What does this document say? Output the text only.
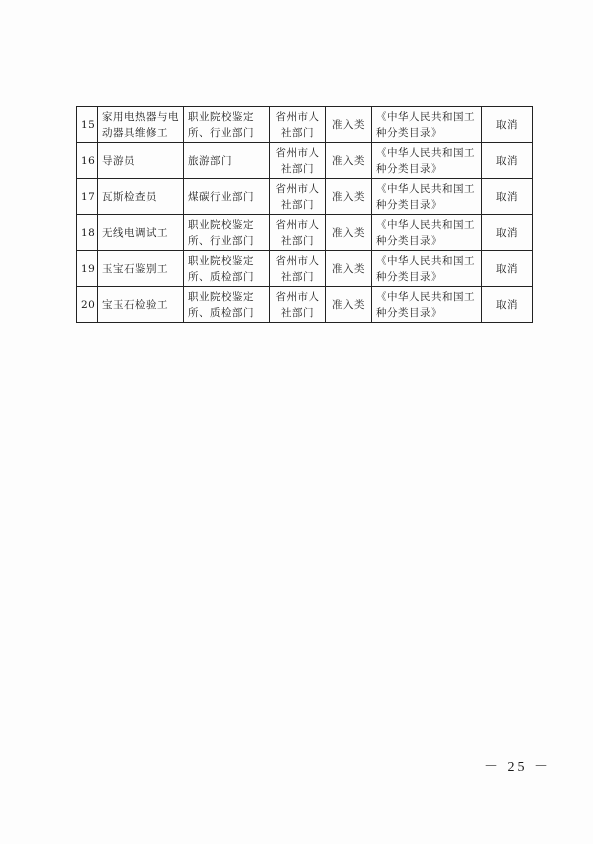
15	家用电热器与电动器具维修工	职业院校鉴定所、行业部门	省州市人社部门	准入类	《中华人民共和国工种分类目录》	取消
16	导游员	旅游部门	省州市人社部门	准入类	《中华人民共和国工种分类目录》	取消
17	瓦斯检查员	煤碳行业部门	省州市人社部门	准入类	《中华人民共和国工种分类目录》	取消
18	无线电调试工	职业院校鉴定所、行业部门	省州市人社部门	准入类	《中华人民共和国工种分类目录》	取消
19	玉宝石鉴别工	职业院校鉴定所、质检部门	省州市人社部门	准入类	《中华人民共和国工种分类目录》	取消
20	宝玉石检验工	职业院校鉴定所、质检部门	省州市人社部门	准入类	《中华人民共和国工种分类目录》	取消
－ 25 －
